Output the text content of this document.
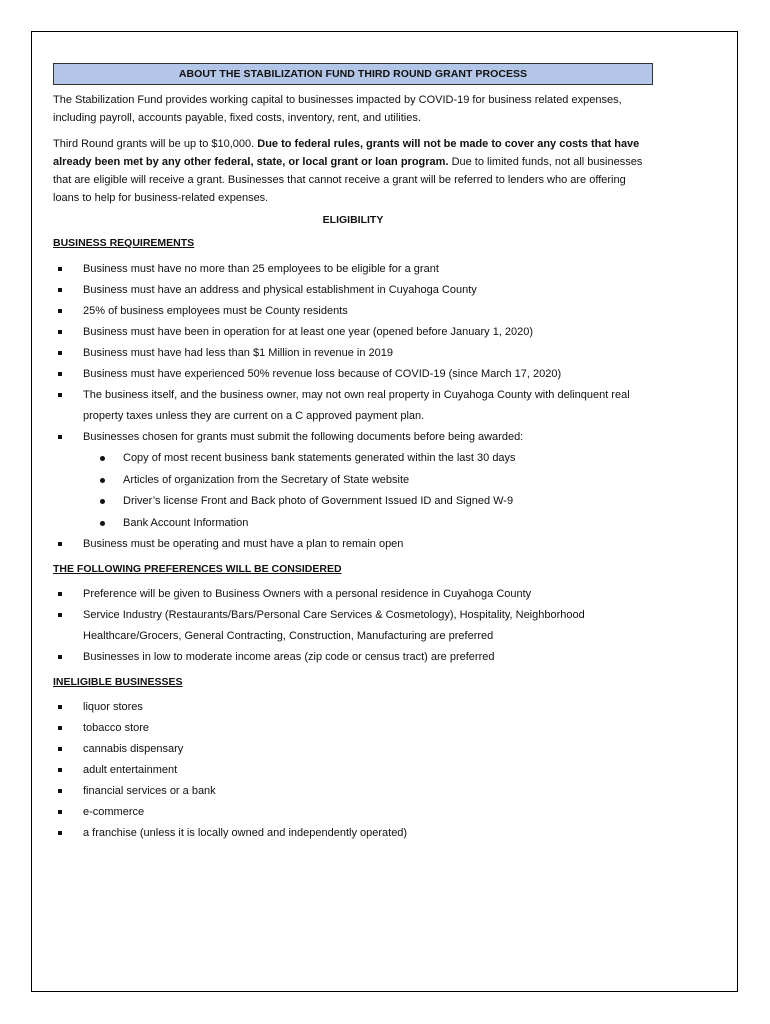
ABOUT THE STABILIZATION FUND THIRD ROUND GRANT PROCESS

The Stabilization Fund provides working capital to businesses impacted by COVID-19 for business related expenses, including payroll, accounts payable, fixed costs, inventory, rent, and utilities.

Third Round grants will be up to $10,000. Due to federal rules, grants will not be made to cover any costs that have already been met by any other federal, state, or local grant or loan program. Due to limited funds, not all businesses that are eligible will receive a grant. Businesses that cannot receive a grant will be referred to lenders who are offering loans to help for business-related expenses.

ELIGIBILITY
BUSINESS REQUIREMENTS
Business must have no more than 25 employees to be eligible for a grant
Business must have an address and physical establishment in Cuyahoga County
25% of business employees must be County residents
Business must have been in operation for at least one year (opened before January 1, 2020)
Business must have had less than $1 Million in revenue in 2019
Business must have experienced 50% revenue loss because of COVID-19 (since March 17, 2020)
The business itself, and the business owner, may not own real property in Cuyahoga County with delinquent real property taxes unless they are current on a C approved payment plan.
Businesses chosen for grants must submit the following documents before being awarded:
Copy of most recent business bank statements generated within the last 30 days
Articles of organization from the Secretary of State website
Driver’s license Front and Back photo of Government Issued ID and Signed W-9
Bank Account Information
Business must be operating and must have a plan to remain open
THE FOLLOWING PREFERENCES WILL BE CONSIDERED
Preference will be given to Business Owners with a personal residence in Cuyahoga County
Service Industry (Restaurants/Bars/Personal Care Services & Cosmetology), Hospitality, Neighborhood Healthcare/Grocers, General Contracting, Construction, Manufacturing are preferred
Businesses in low to moderate income areas (zip code or census tract) are preferred
INELIGIBLE BUSINESSES
liquor stores
tobacco store
cannabis dispensary
adult entertainment
financial services or a bank
e-commerce
a franchise (unless it is locally owned and independently operated)
